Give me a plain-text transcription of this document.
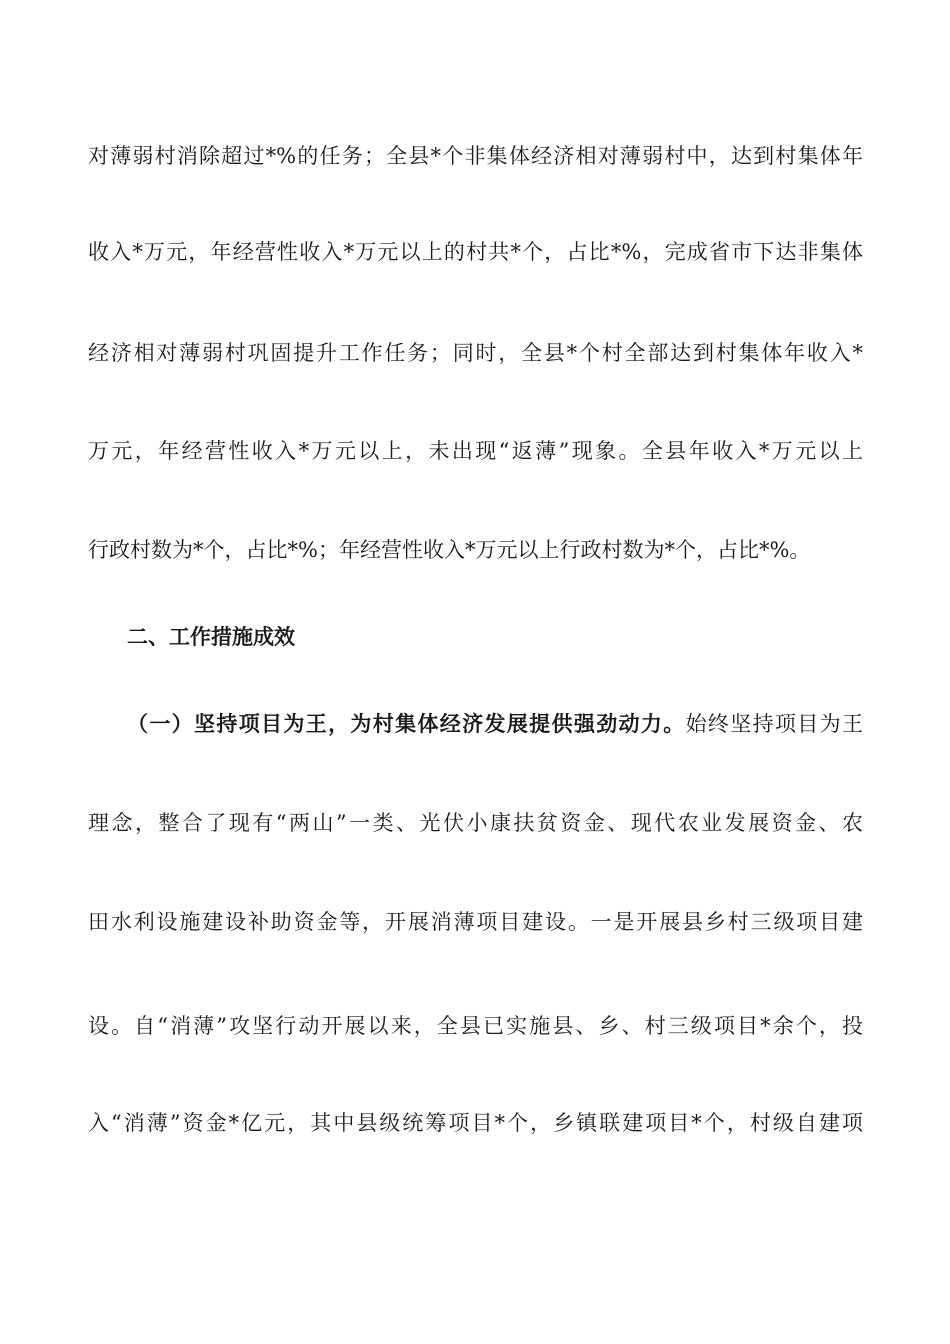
对薄弱村消除超过*%的任务；全县*个非集体经济相对薄弱村中，达到村集体年
收入*万元，年经营性收入*万元以上的村共*个，占比*%，完成省市下达非集体
经济相对薄弱村巩固提升工作任务；同时，全县*个村全部达到村集体年收入*
万元，年经营性收入*万元以上，未出现“返薄”现象。全县年收入*万元以上
行政村数为*个，占比*%；年经营性收入*万元以上行政村数为*个，占比*%。
二、工作措施成效
（一）坚持项目为王，为村集体经济发展提供强劲动力。始终坚持项目为王
理念，整合了现有“两山”一类、光伏小康扶贫资金、现代农业发展资金、农
田水利设施建设补助资金等，开展消薄项目建设。一是开展县乡村三级项目建
设。自“消薄”攻坚行动开展以来，全县已实施县、乡、村三级项目*余个，投
入“消薄”资金*亿元，其中县级统筹项目*个，乡镇联建项目*个，村级自建项
